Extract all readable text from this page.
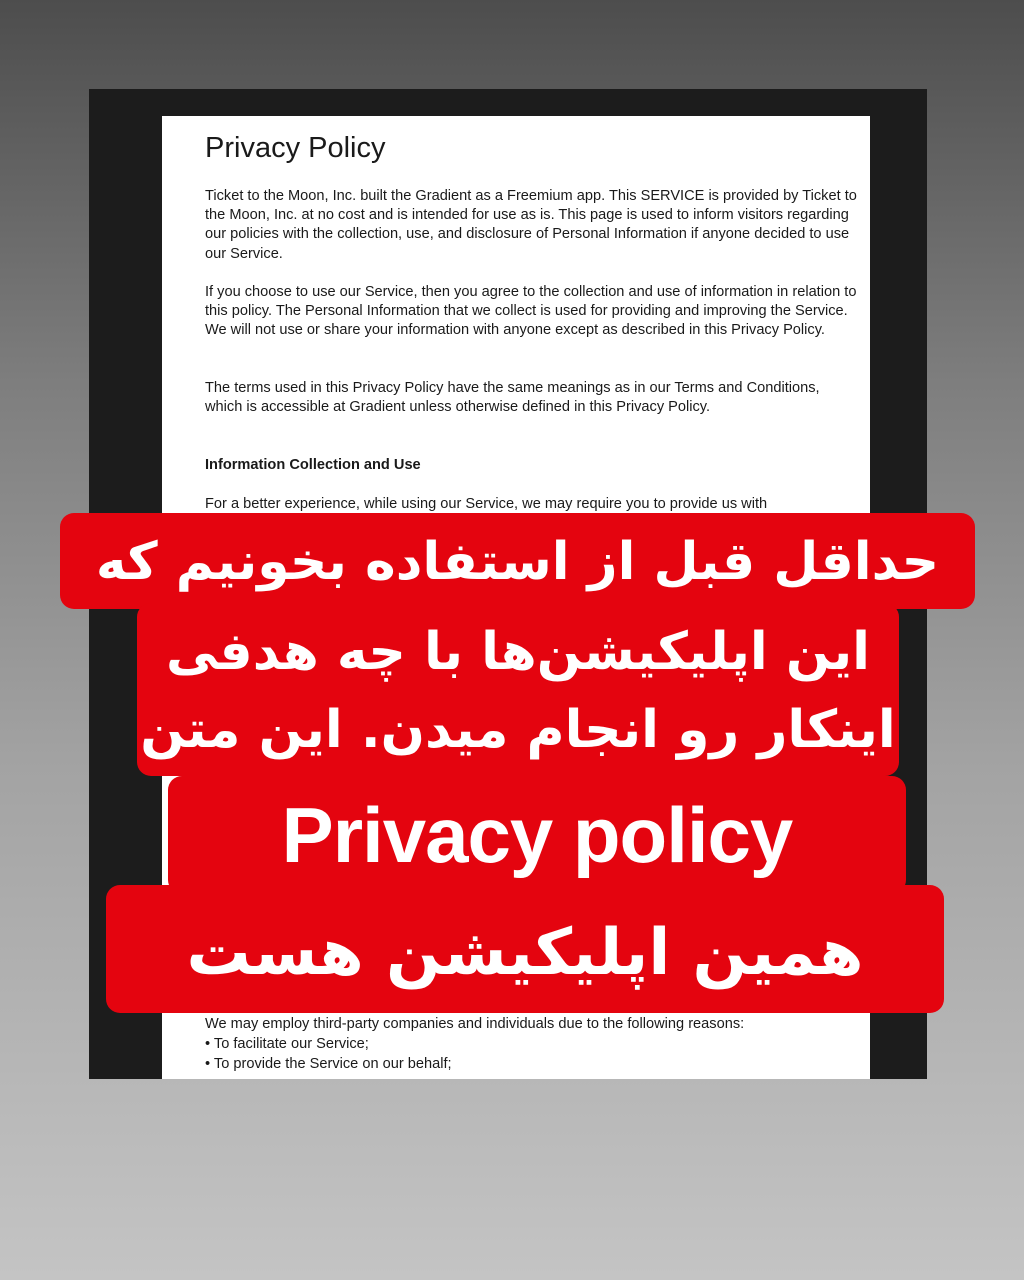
Privacy Policy

Ticket to the Moon, Inc. built the Gradient as a Freemium app. This SERVICE is provided by Ticket to the Moon, Inc. at no cost and is intended for use as is. This page is used to inform visitors regarding our policies with the collection, use, and disclosure of Personal Information if anyone decided to use our Service.

If you choose to use our Service, then you agree to the collection and use of information in relation to this policy. The Personal Information that we collect is used for providing and improving the Service. We will not use or share your information with anyone except as described in this Privacy Policy.

The terms used in this Privacy Policy have the same meanings as in our Terms and Conditions, which is accessible at Gradient unless otherwise defined in this Privacy Policy.

Information Collection and Use

For a better experience, while using our Service, we may require you to provide us with

We may employ third-party companies and individuals due to the following reasons:
• To facilitate our Service;
• To provide the Service on our behalf;
حداقل قبل از استفاده بخونیم که
این اپلیکیشن‌ها با چه هدفی
اینکار رو انجام میدن. این متن
Privacy policy
همین اپلیکیشن هست
